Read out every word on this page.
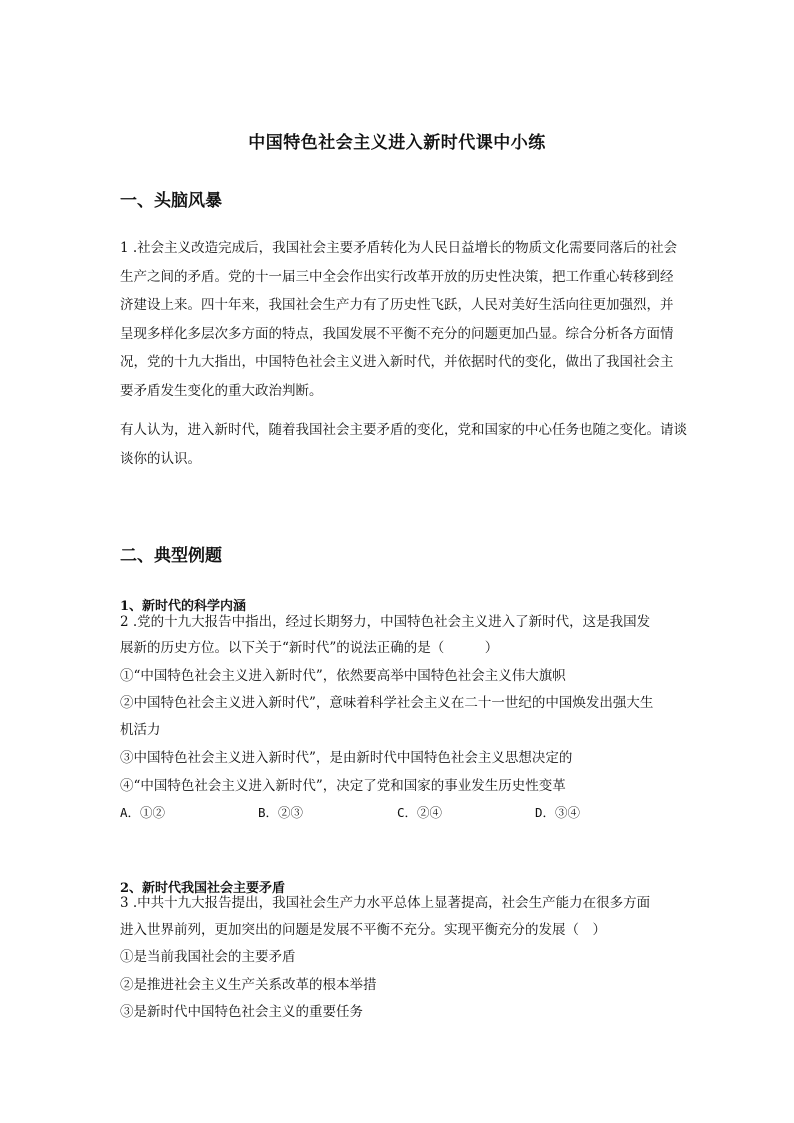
中国特色社会主义进入新时代课中小练
一、头脑风暴

1 .社会主义改造完成后，我国社会主要矛盾转化为人民日益增长的物质文化需要同落后的社会生产之间的矛盾。党的十一届三中全会作出实行改革开放的历史性决策，把工作重心转移到经济建设上来。四十年来，我国社会生产力有了历史性飞跃，人民对美好生活向往更加强烈，并呈现多样化多层次多方面的特点，我国发展不平衡不充分的问题更加凸显。综合分析各方面情况，党的十九大指出，中国特色社会主义进入新时代，并依据时代的变化，做出了我国社会主要矛盾发生变化的重大政治判断。

有人认为，进入新时代，随着我国社会主要矛盾的变化，党和国家的中心任务也随之变化。请谈谈你的认识。

二、典型例题
1、新时代的科学内涵
2 .党的十九大报告中指出，经过长期努力，中国特色社会主义进入了新时代，这是我国发
展新的历史方位。以下关于“新时代”的说法正确的是（　　　）
①“中国特色社会主义进入新时代”，依然要高举中国特色社会主义伟大旗帜
②中国特色社会主义进入新时代”，意味着科学社会主义在二十一世纪的中国焕发出强大生
机活力
③中国特色社会主义进入新时代”，是由新时代中国特色社会主义思想决定的
④“中国特色社会主义进入新时代”，决定了党和国家的事业发生历史性变革
A．①②	B．②③	C．②④	D．③④
2、新时代我国社会主要矛盾
3 .中共十九大报告提出，我国社会生产力水平总体上显著提高，社会生产能力在很多方面
进入世界前列，更加突出的问题是发展不平衡不充分。实现平衡充分的发展（　）
①是当前我国社会的主要矛盾
②是推进社会主义生产关系改革的根本举措
③是新时代中国特色社会主义的重要任务
